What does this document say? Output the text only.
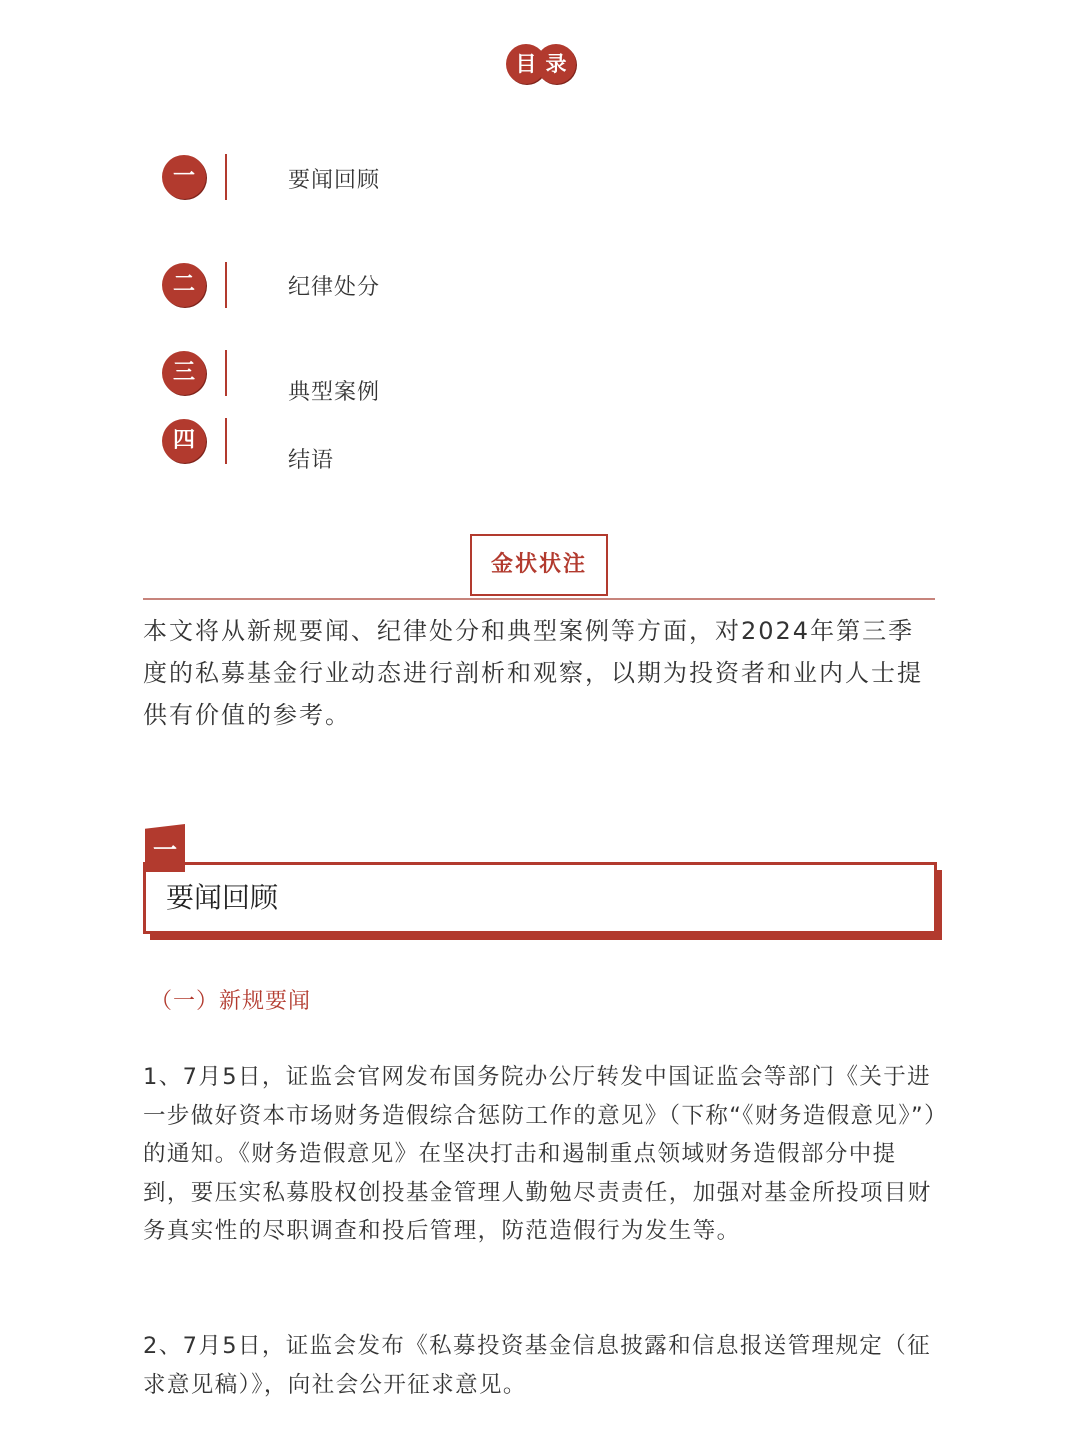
目 录
一	要闻回顾
二	纪律处分
三
典型案例
四
结语
金状状注
本文将从新规要闻、纪律处分和典型案例等方面，对2024年第三季度的私募基金行业动态进行剖析和观察，以期为投资者和业内人士提供有价值的参考。
一
要闻回顾
（一）新规要闻
1、7月5日，证监会官网发布国务院办公厅转发中国证监会等部门《关于进一步做好资本市场财务造假综合惩防工作的意见》（下称“《财务造假意见》”）的通知。《财务造假意见》在坚决打击和遏制重点领域财务造假部分中提到，要压实私募股权创投基金管理人勤勉尽责责任，加强对基金所投项目财务真实性的尽职调查和投后管理，防范造假行为发生等。
2、7月5日，证监会发布《私募投资基金信息披露和信息报送管理规定（征求意见稿）》，向社会公开征求意见。
